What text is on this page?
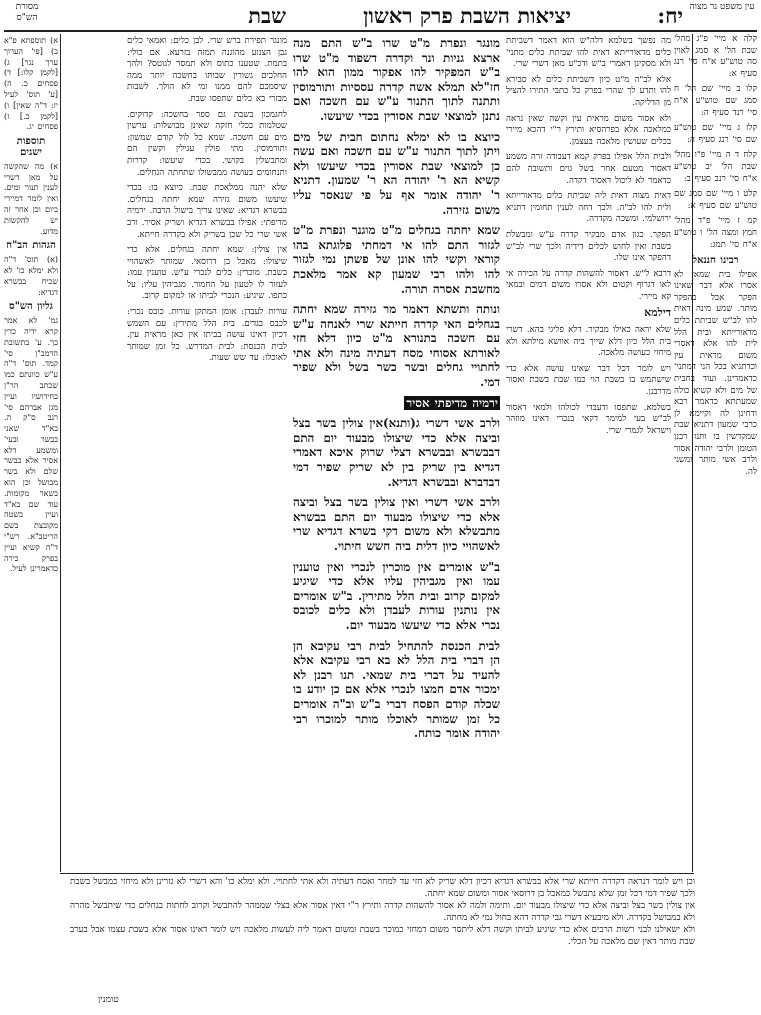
עין משפט נר מצוה
יח:
יציאות השבת פרק ראשון
שבת
מסורת הש"ס

קלה א מיי' פ"ג מהל' שבת הל' א סמג לאוין סה טוש"ע א"ח סי' רנג סעיף א:

קלו ב מיי' שם הל' ח סמג שם טוש"ע א"ח סי' רנד סעיף ה:

קלז ג מיי' שם טוש"ע שם סי' רנג סעיף ה:

קלח ד ה מיי' פ"ו מהל' שבת הל' יב טוש"ע א"ח סי' רנב סעיף ב:

קלט ו מיי' שם סמג שם טוש"ע שם סעיף א:

קמ ז מיי' פ"ד מהל' חמץ ומצה הל' ו טוש"ע א"ח סי' תמג:

רבינו חננאל

אפילו בית שמאי לא אסרו אלא דבר שאינו הפקר אבל בהפקר מותר. שמע מינה דאית להו לב"ש שביתת כלים מדאורייתא ובית הלל לית להו אלא דאסרי משום מראית עין וכדתניא בכל הני דמתני' כדאמרינן. ועוד בחבית של מים ולא קשיא כולה שמעתתא כדאמר רבא ודחינן לה וקיימא לן כרבי שמעון דתניא שבת שמקדשין בו ותנו רבנן הטומן ולרבי יהודה אסור ולרב אשי מותר ומשני לה.

מה נפשך בשלמא דלה"ש הוא דאמר דשביתת כלים מדאורייתא דאית להו שביתת כלים מתני' ולא מסקינן דאמרי ב"ש ודכ"ע מאן דשרי שרי.

אלא לב"ה מ"ט כיון דשביתת כלים לא סבירא להו ותדע לך שהרי בפרק כל כתבי התירו להציל מן הדליקה.

ולא אסור משום מראית עין וקשה שאין נראה כמלאכה אלא בפרהסיא ותירץ ר"י דהכא מיירי בכלים שעושין מלאכה בעצמן.

ולבית הלל אפילו בפרק קמא דעבודה זרה משמע דאסור מטעם אחר בשל גוים ותשובה להם כדאמר לא ליכול דאסור דקדה.

דאית מצוה דאית ליה שביתת כלים מדאורייתא ולית להו לב"ה. ולכך דחה לענין תחומין דתניא ירושלמי. ומשכה מקדרה.

הפקר. כגון אדם מבקיר קדרה ע"ש ומבשלת בשבת ואין לחוש לכלים דידיה ולכך שרי לב"ש דהפקר אינו שלו.

דרבא ל"ש. דאסור להשהות קדרה על הכירה אי לאו דגרוף וקטום ולא אסרו משום דמים ובמאי קא מיירי.

דילמא

שלא יראה כאילו מבקיר. דלא פליגי בהא. דשרי בית הלל כיון דלא שייך ביה אוושא מילתא ולא מיחזי כעושה מלאכה.

ויש לומר דכל דבר שאינו עושה אלא כדי שישתמש בו בשבת הוי כמו שבת בשבת ואסור מדרבנן.

בשלמא. שתפסו ודעבדי לכולהו ולמאי דאסור לב"ש בעי למימר דקאי בנכרי דאינו מוזהר וישראל לגמרי שרי.

מונגר ונפרת מ"ט שרו ב"ש התם מנה ארצא גניות ונר וקדרה דשפוד מ"ט שרו ב"ש המפקיר להו אפקור ממון הוא להו חז"לא תמלא אשה קדרה עססיות ותורמוסין ותתנה לתוך התנור ע"ש עם חשכה ואם נתנן למוצאי שבת אסורין בכדי שיעשו.

כיוצא בו לא ימלא נחתום חבית של מים ויתן לתוך התנור ע"ש עם חשכה ואם עשה כן למוצאי שבת אסורין בכדי שיעשו ולא קשיא הא ר' יהודה הא ר' שמעון. דתניא ר' יהודה אומר אף על פי שנאסר עליו משום גזירה.

שמא יחתה בגחלים מ"ט מוגנר ונפרת מ"ט לגזור התם להו אי דמחתי פלוגתא בהו קוראי וקשי להו אונן של פשתן נמי לגזור להו ולהו רבי שמעון קא אמר מלאכת מחשבת אסרה תורה.

ונותה ותשתא דאמר מר גזירה שמא יחתה בגחלים האי קדרה חייתא שרי לאנחה ע"ש עם חשכה בתנורא מ"ט כיון דלא חזי לאורתא אסוחי מסח דעתיה מינה ולא אתי לחתויי גחלים ובשר כשר בשל ולא שפיר דמי.

ירמיה מדיפתי אסיר

ולרב אשי דשרי ג(ותנא)אין צולין בשר בצל וביצה אלא כדי שיצולו מבעוד יום התם דבבשרא ובבשרא דצלי שרוק איכא דאמרי דגדיא בין שריק בין לא שריק שפיר דמי דבדברא ובבשרא דגדיא.

ולרב אשי דשרי ואין צולין בשר בצל וביצה אלא כדי שיצולו מבעוד יום התם בבשרא מתבשלא ולא משום דקי בשרא דגדיא שרי לאשהויי כיון דלית ביה חשש חיתוי.

ב"ש אומרים אין מוכרין לנכרי ואין טוענין עמו ואין מגביהין עליו אלא כדי שיגיע למקום קרוב ובית הלל מתירין. ב"ש אומרים אין נותנין עורות לעבדן ולא כלים לכובס נכרי אלא כדי שיעשו מבעוד יום.

לבית הכנסת להתחיל לבית רבי עקיבא הן הן דברי בית הלל לא בא רבי עקיבא אלא להעיד על דברי בית שמאי. תנו רבנן לא ימכור אדם חמצו לנכרי אלא אם כן יודע בו שכלה קודם הפסח דברי ב"ש וב"ה אומרים כל זמן שמותר לאוכלו מותר למוכרו רבי יהודה אומר כותח.

מונגר תפירת ברש שרי. לבן כלים: ואמאי כלים גבן הצנוע מהוגנה תמזה בזרעא. אם כולי: בתמת. שטענו כתוס ולא תמסר לגוטס? ולהך החלכים גשורין שבותו בחשכה יותר ממה שיסמכם להם ממנו ומי לא הולך. לשבות מבזרי בא כלים שתפסו שבת.

לחגמכון בשבת גם ספר בחשכה: קדוקים. שטלמות בכלי חזקה שאינן מבושלות: ערשין מים עם חשכה. שמא כל לול קודם שמשון: ותורמוסין. מתי פולין עגילין וקשין הם ומתבשלין בקושי. בכדי שיעשו: קדרות ותנחומים בעושה ממבשולו שתחתה הגחלים.

שלא יהנה ממלאכת שבת. כיוצא בו: בכדי שיעשו משום גזירה שמא יחתה בגחלים. בבשרא דגדיא: שאינו צריך בישול הרבה. ירמיה מדיפתי: אפילו בבשרא דגדיא ושריק אסיר. ורב אשי שרי כל שכן בשריק ולא בקדרה חייתא.

אין צולין: שמא יחתה בגחלים. אלא כדי שיצולו: מאכל בן דרוסאי. שמותר לאשהויי בשבת. מוכרין: כלים לנכרי ע"ש. טוענין עמו: לעזור לו לטעון על החמור. מגביהין עליו: על כתפו. שיגיע: הנכרי לביתו או למקום קרוב.

עורות לעבדן: אומן המתקן עורות. כובס נכרי: לכבס בגדים. בית הלל מתירין: עם השמש דכיון דאינו עושה בביתו אין כאן מראית עין. לבית הכנסת: לבית המדרש. כל זמן שמותר לאוכלו: עד שש שעות.

א) תוספתא פ"א ב) [פי' הערוך ערך נגר] ג) [לקמן קלו:] ד) פסחים כ. ה) [ע' תוס' לעיל יז: ד"ה שאין] ו) [לקמן כ.] ז) פסחים יג.

תוספות ישנים

א) מה שהקשה על מאן דשרי לענין תנור ומים. ואין לומר דמיירי ביום וכן אחר זה יש להקשות מדוע.

הגהות הב"ח

(א) תוס' ד"ה ולא ימלא כו' לא שכיח בבשרא דגדיא:

גליון הש"ס

גמ' לא אמר קרא ידיה כדין כך. ע' בתשובת הרמב"ן סי' קמד. תוס' ד"ה ע"ש כוונתם כמו שכתב הר"ן בחידושיו ועיין מגן אברהם סי' רנב ס"ק ה. בא"ד שאני בבשר ובעי' ומשמע דלא אסיר אלא בבשר שלם ולא בשר מבושל וכן הוא בשאר מקומות. עוד שם בא"ד ועיין בשטה מקובצת בשם הריטב"א. רש"י ד"ה קשיא ועיין בפרק כירה כדאמרינן לעיל.

וכן ויש לומר דנראה דקדרה חייתא שרי אלא בבשרא דגדיא דכיון דלא שריק לא חזי עד למחר ואסח דעתיה ולא אתי לחתויי. ולא ימלא כו' והא דשרי לא גזרינן ולא מיחזי כמבשל בשבת ולכך שפיר דמי דכל זמן שלא נתבשל כמאכל בן דרוסאי אסור ומשום שמא יחתה.

אין צולין בשר בצל וביצה אלא כדי שיצולו מבעוד יום. ותימה ולמה לא אסור להשהות קדרה ותירץ ר"י דאין אסור אלא בצלי שממהר להתבשל וקרוב לחתות בגחלים כדי שיתבשל מהרה ולא במבושל בקדרה. ולא מיבעיא דשרי גבי קדרה דהא בחול נמי לא מחתה.

ולא ישאילנו לבני רשות הרבים אלא כדי שיגיע לביתו וקשה דלא ליתסר משום דמחזי כמוכר בשבת ומשום דאמר ליה לעשות מלאכה ויש לומר דאינו אסור אלא בשבת עצמו אבל בערב שבת מותר דאין שם מלאכה על הכלי.

טומנין
